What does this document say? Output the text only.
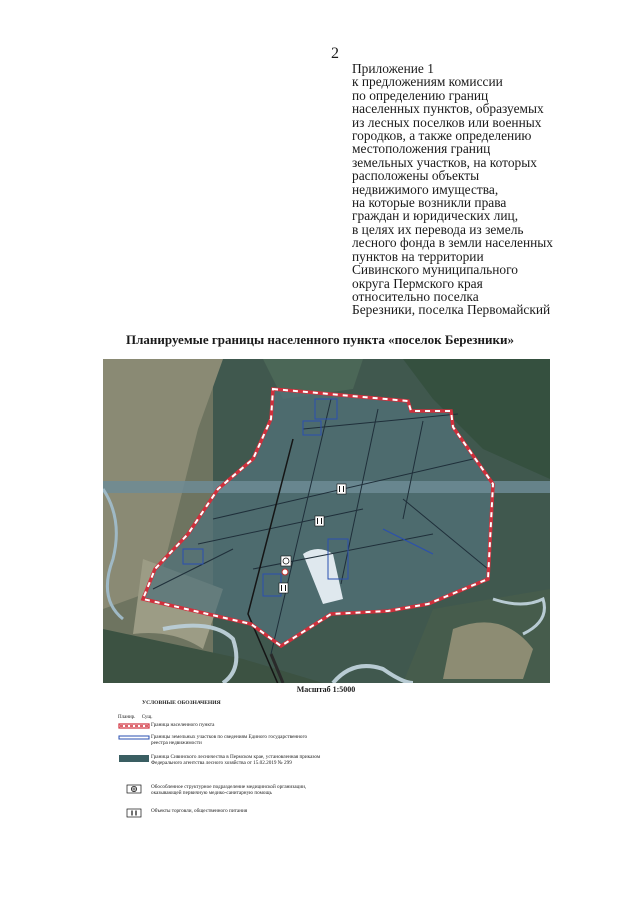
2
Приложение 1
к предложениям комиссии
по определению границ
населенных пунктов, образуемых
из лесных поселков или военных
городков, а также определению
местоположения границ
земельных участков, на которых
расположены объекты
недвижимого имущества,
на которые возникли права
граждан и юридических лиц,
в целях их перевода из земель
лесного фонда в земли населенных
пунктов на территории
Сивинского муниципального
округа Пермского края
относительно поселка
Березники, поселка Первомайский
Планируемые границы населенного пункта «поселок Березники»
Масштаб 1:5000
УСЛОВНЫЕ ОБОЗНАЧЕНИЯ
Планир. Сущ.
Граница населенного пункта
Границы земельных участков по сведениям Единого государственного реестра недвижимости
Граница Сивинского лесничества в Пермском крае, установленная приказом Федерального агентства лесного хозяйства от 15.02.2019 № 299
Обособленное структурное подразделение медицинской организации, оказывающей первичную медико-санитарную помощь
Объекты торговли, общественного питания
